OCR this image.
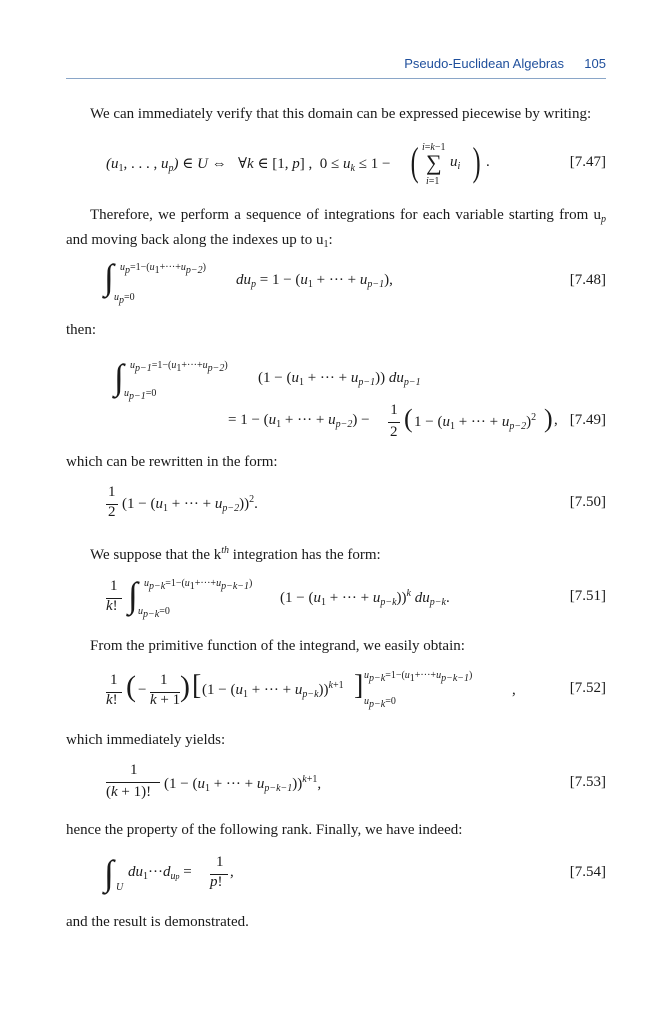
Pseudo-Euclidean Algebras 105
We can immediately verify that this domain can be expressed piecewise by writing:
($u_1$, . . . , $u_p$) ∈ U ⇔ ∀k ∈ [1, p] ,  $0 \le u_k \le 1$ − ( i=k−1
∑ $u_i$
i=1 ) .	[7.47]
Therefore, we perform a sequence of integrations for each variable starting from $u_p$ and moving back along the indexes up to $u_1$:
∫ up=1−(u1+···+up−2)
up=0
$du_p = 1 - (u_1$ + ··· + $u_{p-1}$),	[7.48]
then:
∫ up−1=1−(u1+···+up−2)
up−1=0
($1 - (u_1$ + ··· + $u_{p-1}$)) $du_{p-1}$
= $1 - (u_1$ + ··· + $u_{p-2}$) −
1
2 ( $1 - (u_1$ + ··· + $u_{p-2})^2$ ) , [7.49]
which can be rewritten in the form:
1
2 ($1 - (u_1$ + ··· + $u_{p-2}))^2$.	[7.50]
We suppose that the $k^{th}$ integration has the form:
1
k! ∫ up−k=1−(u1+···+up−k−1)
up−k=0
($1 - (u_1$ + ··· + $u_{p-k}))^k$ $du_{p-k}$.	[7.51]
From the primitive function of the integrand, we easily obtain:
1
k! ( −
1
k + 1 ) [ ($1 - (u_1$ + ··· + $u_{p-k}))^{k+1}$ ] up−k=1−(u1+···+up−k−1)
up−k=0
,	[7.52]
which immediately yields:
1
(k + 1)! ($1 - (u_1$ + ··· + $u_{p-k-1}))^{k+1}$,	[7.53]
hence the property of the following rank. Finally, we have indeed:
∫ U
$du_1\cdot\cdot\cdot d_{up}$ =
1
p!
,	[7.54]
and the result is demonstrated.
